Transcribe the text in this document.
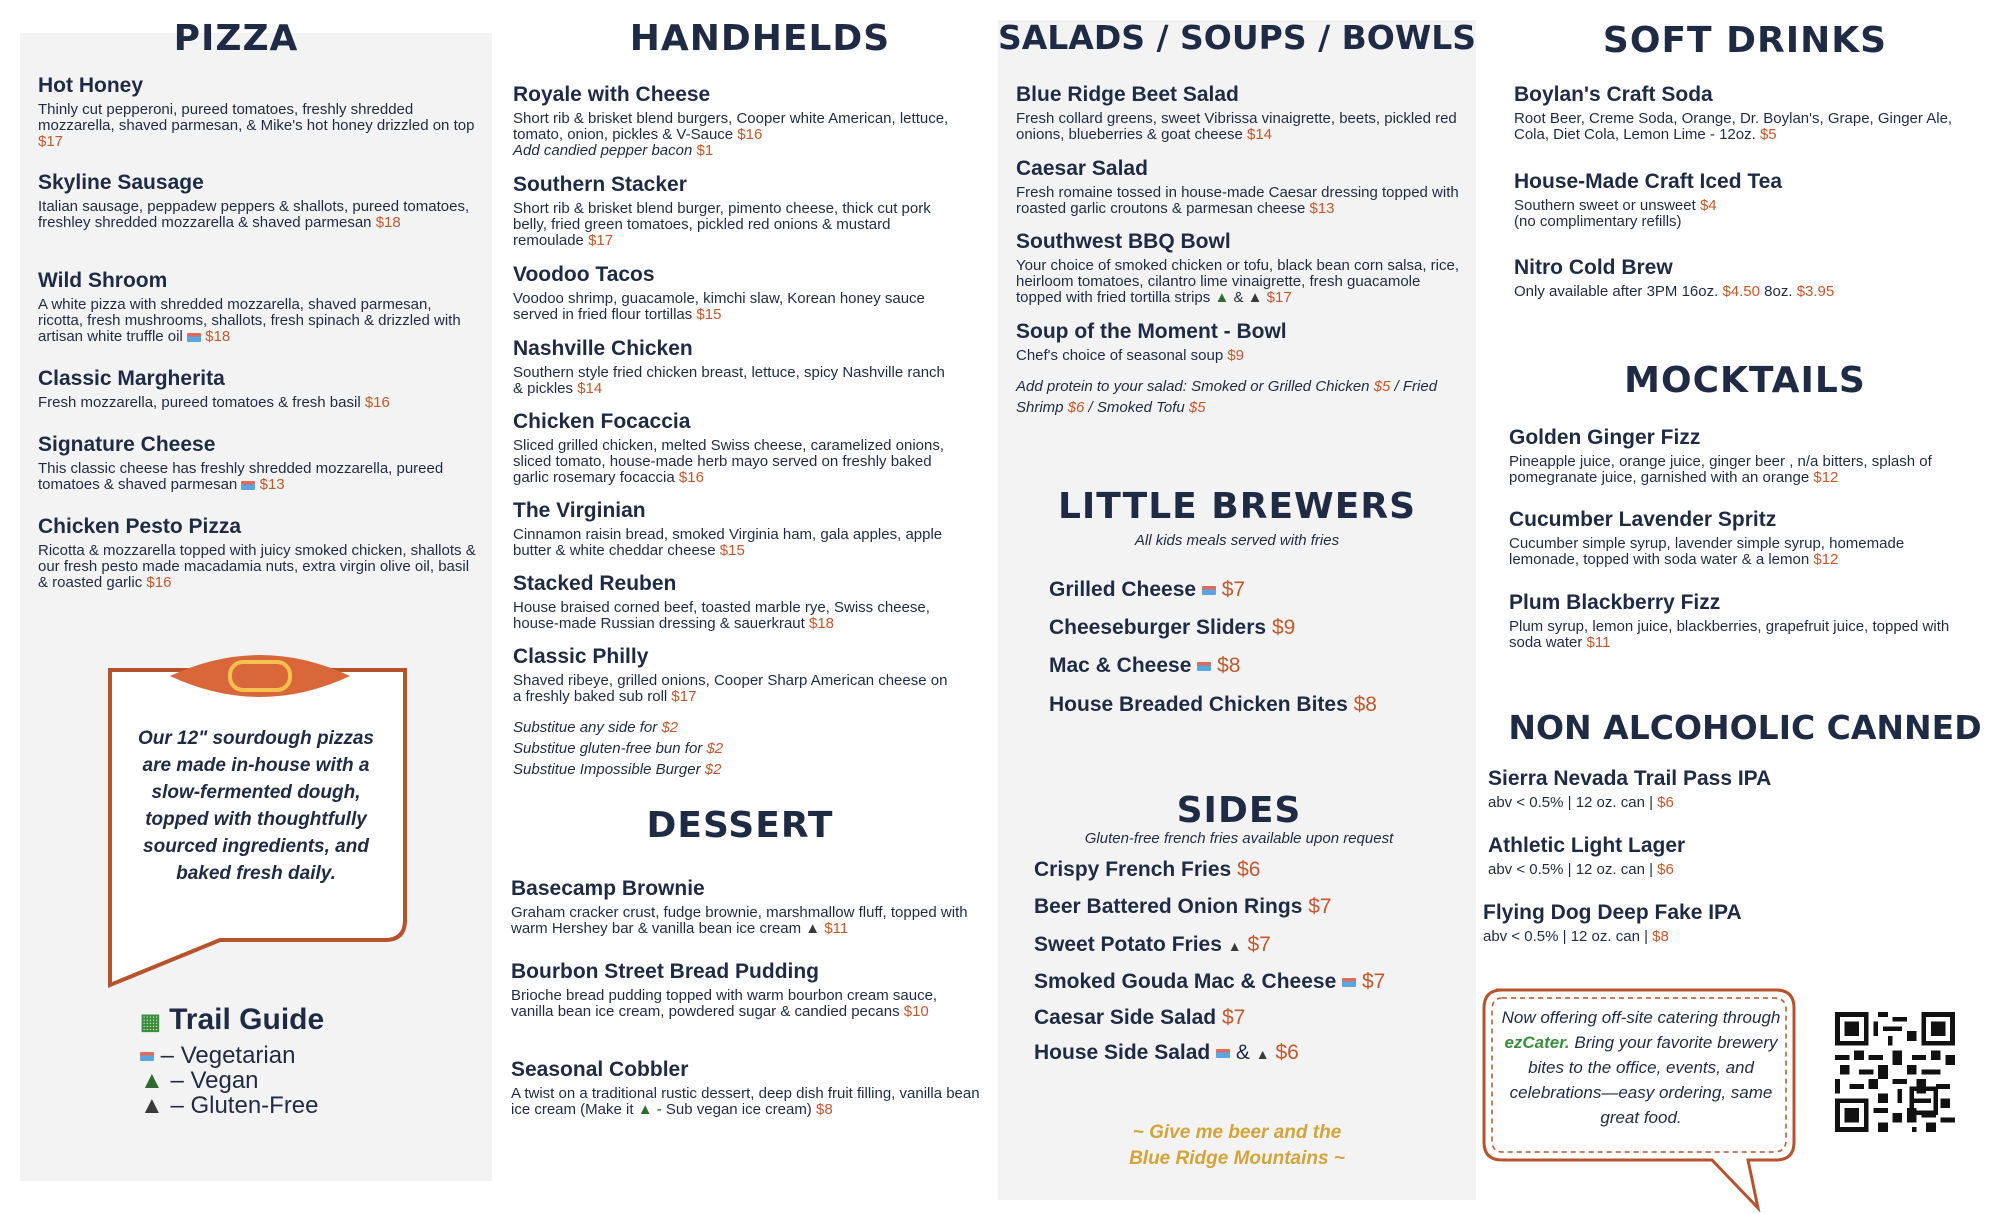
PIZZA
Hot Honey
Thinly cut pepperoni, pureed tomatoes, freshly shredded mozzarella, shaved parmesan, & Mike's hot honey drizzled on top $17
Skyline Sausage
Italian sausage, peppadew peppers & shallots, pureed tomatoes, freshley shredded mozzarella & shaved parmesan $18
Wild Shroom
A white pizza with shredded mozzarella, shaved parmesan, ricotta, fresh mushrooms, shallots, fresh spinach & drizzled with artisan white truffle oil $18
Classic Margherita
Fresh mozzarella, pureed tomatoes & fresh basil $16
Signature Cheese
This classic cheese has freshly shredded mozzarella, pureed tomatoes & shaved parmesan $13
Chicken Pesto Pizza
Ricotta & mozzarella topped with juicy smoked chicken, shallots & our fresh pesto made macadamia nuts, extra virgin olive oil, basil & roasted garlic $16
Our 12" sourdough pizzas are made in-house with a slow-fermented dough, topped with thoughtfully sourced ingredients, and baked fresh daily.
▦ Trail Guide
– Vegetarian
▲ – Vegan
▲ – Gluten-Free
HANDHELDS
Royale with Cheese
Short rib & brisket blend burgers, Cooper white American, lettuce, tomato, onion, pickles & V-Sauce $16
Add candied pepper bacon $1
Southern Stacker
Short rib & brisket blend burger, pimento cheese, thick cut pork belly, fried green tomatoes, pickled red onions & mustard remoulade $17
Voodoo Tacos
Voodoo shrimp, guacamole, kimchi slaw, Korean honey sauce served in fried flour tortillas $15
Nashville Chicken
Southern style fried chicken breast, lettuce, spicy Nashville ranch & pickles $14
Chicken Focaccia
Sliced grilled chicken, melted Swiss cheese, caramelized onions, sliced tomato, house-made herb mayo served on freshly baked garlic rosemary focaccia $16
The Virginian
Cinnamon raisin bread, smoked Virginia ham, gala apples, apple butter & white cheddar cheese $15
Stacked Reuben
House braised corned beef, toasted marble rye, Swiss cheese, house-made Russian dressing & sauerkraut $18
Classic Philly
Shaved ribeye, grilled onions, Cooper Sharp American cheese on a freshly baked sub roll $17
Substitue any side for $2
Substitue gluten-free bun for $2
Substitue Impossible Burger $2
DESSERT
Basecamp Brownie
Graham cracker crust, fudge brownie, marshmallow fluff, topped with warm Hershey bar & vanilla bean ice cream ▲ $11
Bourbon Street Bread Pudding
Brioche bread pudding topped with warm bourbon cream sauce, vanilla bean ice cream, powdered sugar & candied pecans $10
Seasonal Cobbler
A twist on a traditional rustic dessert, deep dish fruit filling, vanilla bean ice cream (Make it ▲ - Sub vegan ice cream) $8
SALADS / SOUPS / BOWLS
Blue Ridge Beet Salad
Fresh collard greens, sweet Vibrissa vinaigrette, beets, pickled red onions, blueberries & goat cheese $14
Caesar Salad
Fresh romaine tossed in house-made Caesar dressing topped with roasted garlic croutons & parmesan cheese $13
Southwest BBQ Bowl
Your choice of smoked chicken or tofu, black bean corn salsa, rice, heirloom tomatoes, cilantro lime vinaigrette, fresh guacamole topped with fried tortilla strips ▲ & ▲ $17
Soup of the Moment - Bowl
Chef's choice of seasonal soup $9
Add protein to your salad: Smoked or Grilled Chicken $5 / Fried Shrimp $6 / Smoked Tofu $5
LITTLE BREWERS
All kids meals served with fries
Grilled Cheese $7
Cheeseburger Sliders $9
Mac & Cheese $8
House Breaded Chicken Bites $8
SIDES
Gluten-free french fries available upon request
Crispy French Fries $6
Beer Battered Onion Rings $7
Sweet Potato Fries ▲ $7
Smoked Gouda Mac & Cheese $7
Caesar Side Salad $7
House Side Salad & ▲ $6
~ Give me beer and the
Blue Ridge Mountains ~
SOFT DRINKS
Boylan's Craft Soda
Root Beer, Creme Soda, Orange, Dr. Boylan's, Grape, Ginger Ale, Cola, Diet Cola, Lemon Lime - 12oz. $5
House-Made Craft Iced Tea
Southern sweet or unsweet $4
(no complimentary refills)
Nitro Cold Brew
Only available after 3PM 16oz. $4.50 8oz. $3.95
MOCKTAILS
Golden Ginger Fizz
Pineapple juice, orange juice, ginger beer , n/a bitters, splash of pomegranate juice, garnished with an orange $12
Cucumber Lavender Spritz
Cucumber simple syrup, lavender simple syrup, homemade lemonade, topped with soda water & a lemon $12
Plum Blackberry Fizz
Plum syrup, lemon juice, blackberries, grapefruit juice, topped with soda water $11
NON ALCOHOLIC CANNED
Sierra Nevada Trail Pass IPA
abv < 0.5% | 12 oz. can | $6
Athletic Light Lager
abv < 0.5% | 12 oz. can | $6
Flying Dog Deep Fake IPA
abv < 0.5% | 12 oz. can | $8
Now offering off-site catering through ezCater. Bring your favorite brewery bites to the office, events, and celebrations—easy ordering, same great food.
